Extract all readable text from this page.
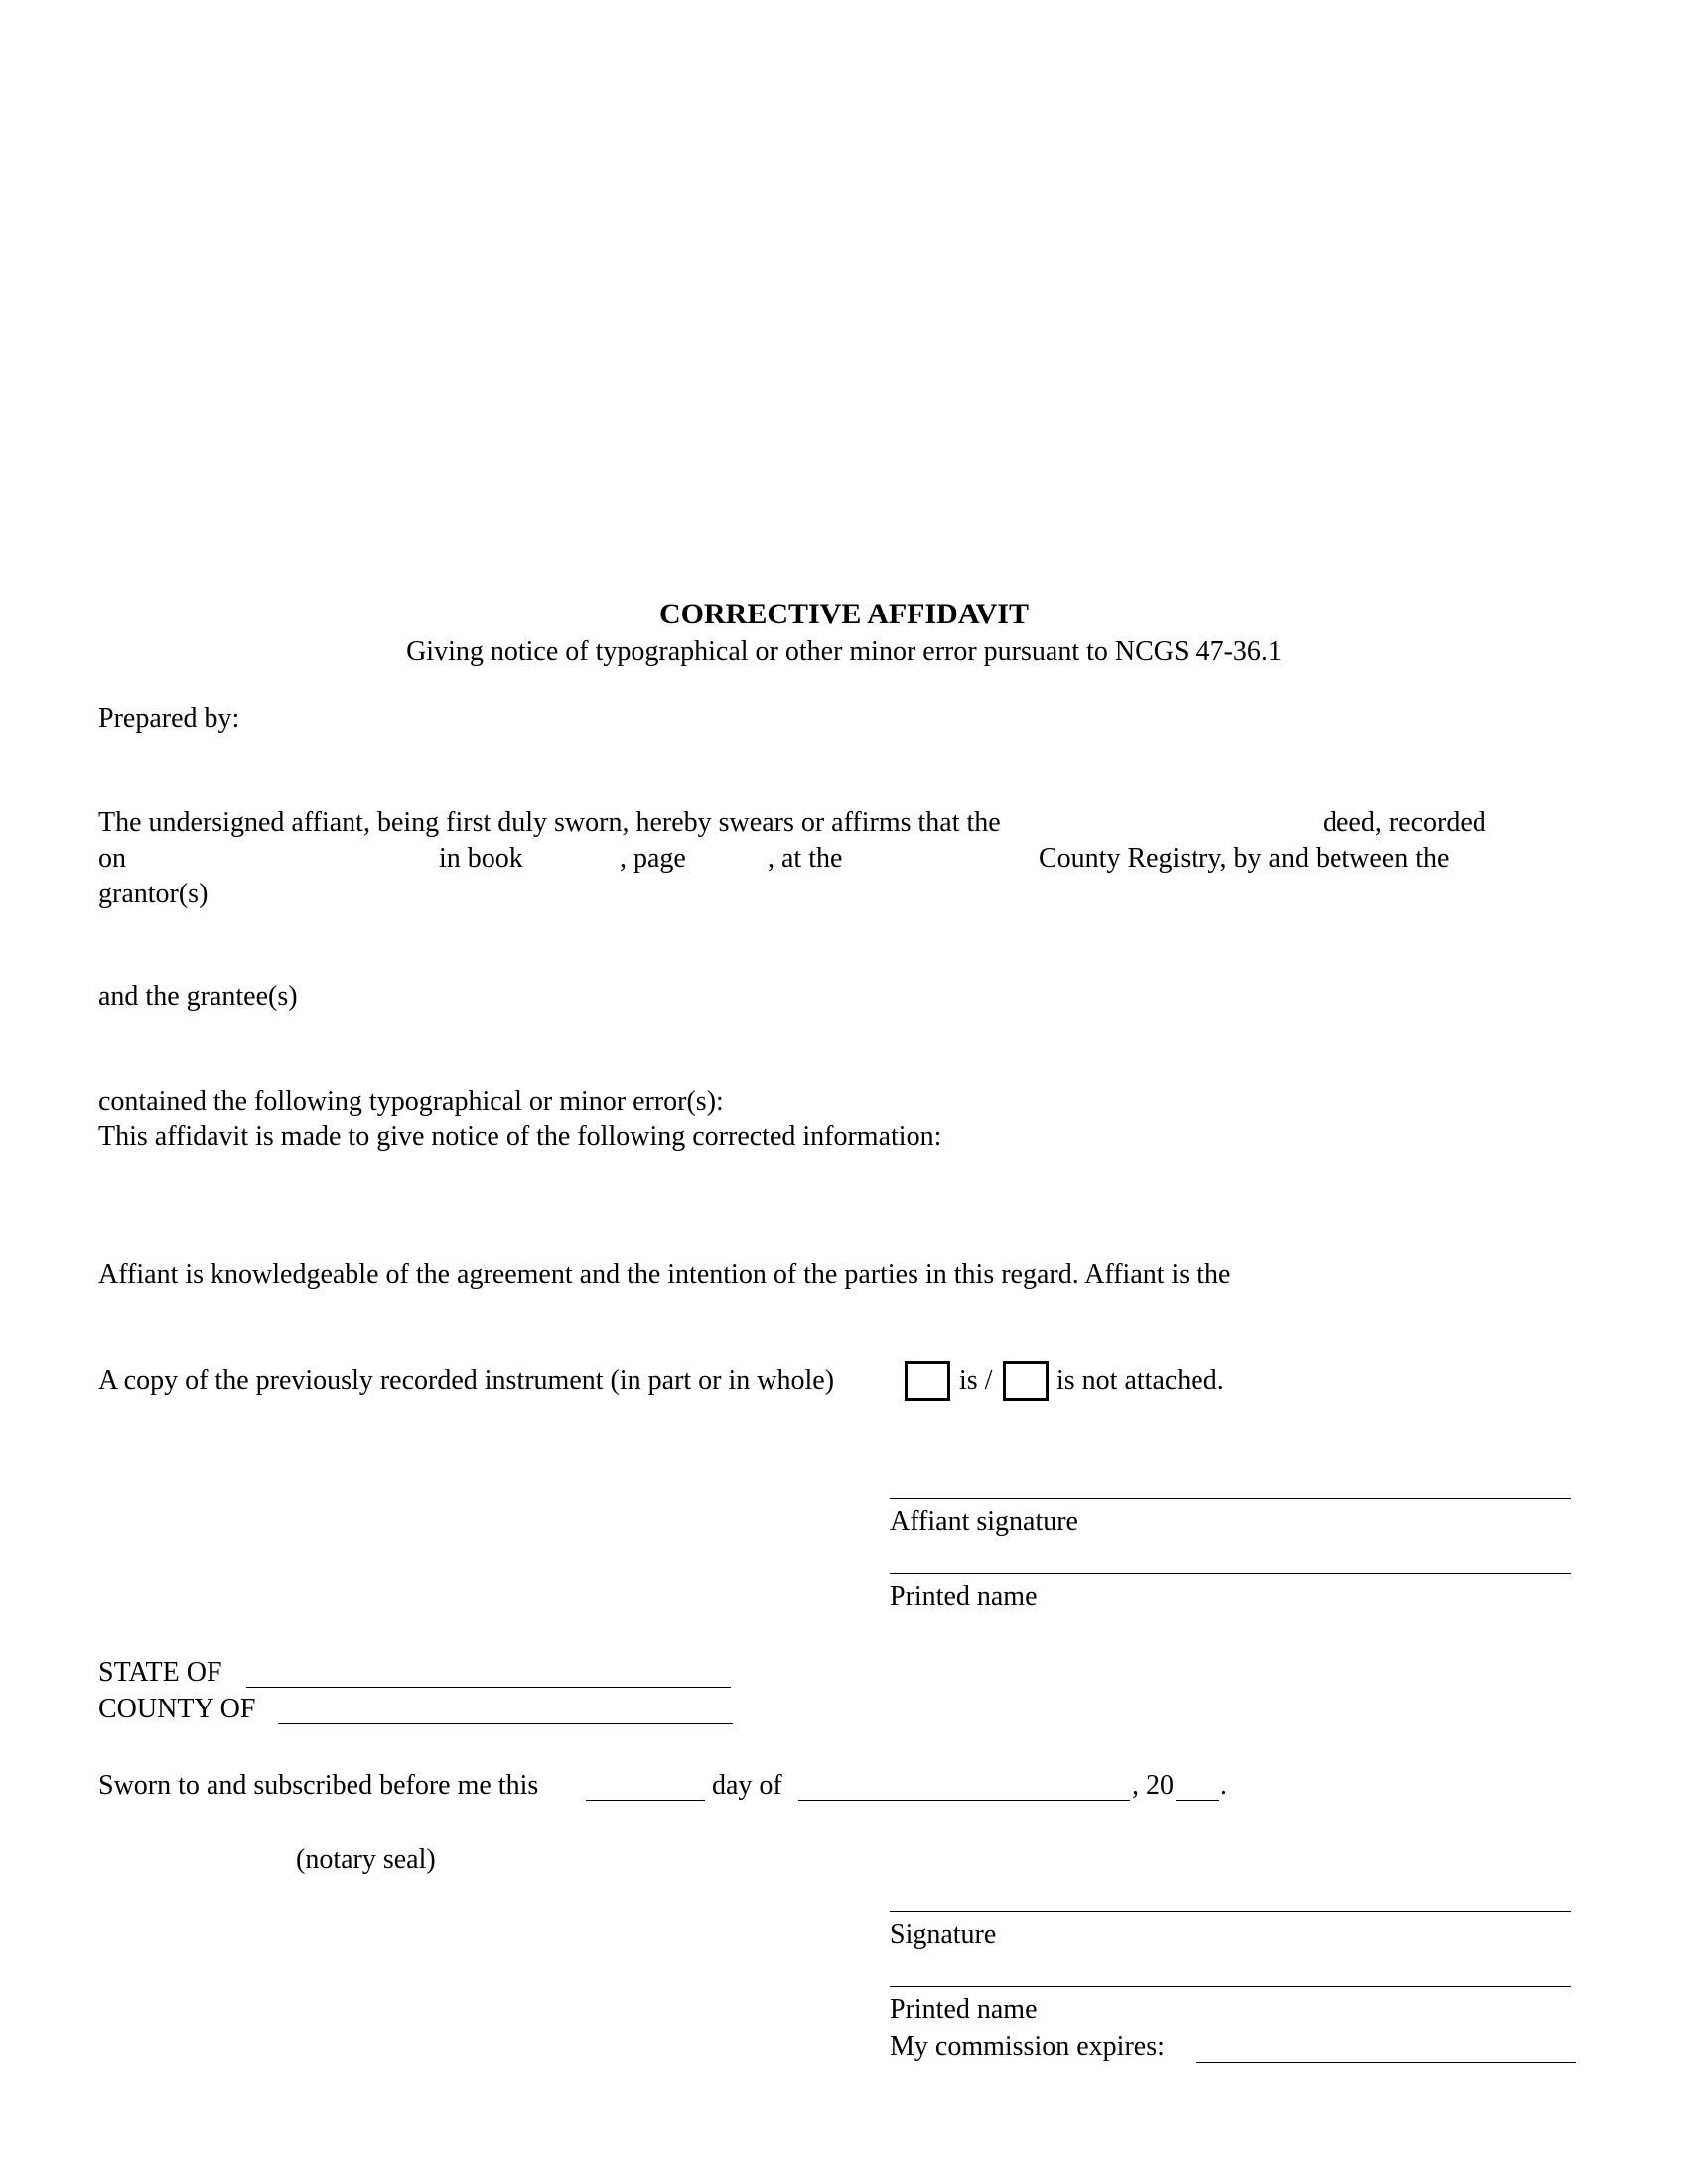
CORRECTIVE AFFIDAVIT
Giving notice of typographical or other minor error pursuant to NCGS 47-36.1
Prepared by:
The undersigned affiant, being first duly sworn, hereby swears or affirms that the	deed, recorded
on	in book	, page	, at the	County Registry, by and between the
grantor(s)
and the grantee(s)
contained the following typographical or minor error(s):
This affidavit is made to give notice of the following corrected information:
Affiant is knowledgeable of the agreement and the intention of the parties in this regard. Affiant is the
A copy of the previously recorded instrument (in part or in whole)	is / is not attached.
Affiant signature
Printed name
STATE OF
COUNTY OF
Sworn to and subscribed before me this	day of	, 20 .
(notary seal)
Signature
Printed name
My commission expires:
